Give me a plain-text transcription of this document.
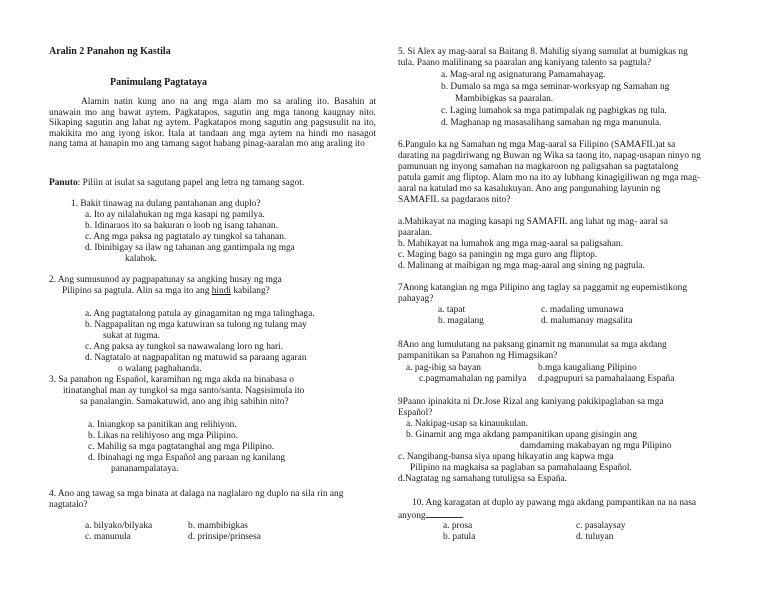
Aralin 2 Panahon ng Kastila

Panimulang Pagtataya

Alamin natin kung ano na ang mga alam mo sa araling ito. Basahin at unawain mo ang bawat aytem. Pagkatapos, sagutin ang mga tanong kaugnay nito. Sikaping sagutin ang lahat ng aytem. Pagkatapos mong sagutin ang pagsusulit na ito, makikita mo ang iyong iskor. Itala at tandaan ang mga aytem na hindi mo nasagot nang tama at hanapin mo ang tamang sagot habang pinag-aaralan mo ang araling ito

Panuto: Piliin at isulat sa sagutang papel ang letra ng tamang sagot.

1. Bakit tinawag na dulang pantahanan ang duplo?

a. Ito ay nilalahukan ng mga kasapi ng pamilya.

b. Idinaraos ito sa bakuran o loob ng isang tahanan.

c. Ang mga paksa ng pagtatalo ay tungkol sa tahanan.

d. Ibinibigay sa ilaw ng tahanan ang gantimpala ng mga

kalahok.

2. Ang sumusunod ay pagpapatunay sa angking husay ng mga

Pilipino sa pagtula. Alin sa mga ito ang hindi kabilang?

a. Ang pagtatalong patula ay ginagamitan ng mga talinghaga.

b. Nagpapalitan ng mga katuwiran sa tulong ng tulang may

sukat at tugma.

c. Ang paksa ay tungkol sa nawawalang loro ng hari.

d. Nagtatalo at nagpapalitan ng matuwid sa paraang agaran

o walang paghahanda.

3. Sa panahon ng Español, karamihan ng mga akda na binabasa o

itinatanghal man ay tungkol sa mga santo/santa. Nagsisimula ito

sa panalangin. Samakatuwid, ano ang ibig sabihin nito?

a. Iniangkop sa panitikan ang relihiyon.

b. Likas na relihiyoso ang mga Pilipino.

c. Mahilig sa mga pagtatanghal ang mga Pilipino.

d. Ibinahagi ng mga Español ang paraan ng kanilang

pananampalataya.

4. Ano ang tawag sa mga binata at dalaga na naglalaro ng duplo na sila rin ang

nagtatalo?

a. bilyako/bilyaka	b. mambibigkas

c. manunula	d. prinsipe/prinsesa

5. Si Alex ay mag-aaral sa Baitang 8. Mahilig siyang sumulat at bumigkas ng

tula. Paano malilinang sa paaralan ang kaniyang talento sa pagtula?

a. Mag-aral ng asignaturang Pamamahayag.

b. Dumalo sa mga sa mga seminar-worksyap ng Samahan ng

Mambibigkas sa paaralan.

c. Laging lumahok sa mga patimpalak ng pagbigkas ng tula.

d. Maghanap ng masasalihang samahan ng mga manunula.

6.Pangulo ka ng Samahan ng mga Mag-aaral sa Filipino (SAMAFIL)at sa

darating na pagdiriwang ng Buwan ng Wika sa taong ito, napag-usapan ninyo ng

pamunuan ng inyong samahan na magkaroon ng paligsahan sa pagtatalong

patula gamit ang fliptop. Alam mo na ito ay lubhang kinagigiliwan ng mga mag-

aaral na katulad mo sa kasalukuyan. Ano ang pangunahing layunin ng

SAMAFIL sa pagdaraos nito?

a.Mahikayat na maging kasapi ng SAMAFIL ang lahat ng mag- aaral sa

paaralan.

b. Mahikayat na lumahok ang mga mag-aaral sa paligsahan.

c. Maging bago sa paningin ng mga guro ang fliptop.

d. Malinang at maibigan ng mga mag-aaral ang sining ng pagtula.

7Anong katangian ng mga Pilipino ang taglay sa paggamit ng eupemistikong

pahayag?

a. tapat	c. madaling umunawa

b. magalang	d. malumanay magsalita

8Ano ang lumulutang na paksang ginamit ng manunulat sa mga akdang

pampanitikan sa Panahon ng Himagsikan?

a. pag-ibig sa bayan	b.mga kaugaliang Pilipino

c.pagmamahalan ng pamilya d.pagpupuri sa pamahalaang España

9Paano ipinakita ni Dr.Jose Rizal ang kaniyang pakikipaglaban sa mga

Español?

a. Nakipag-usap sa kinauukulan.

b. Ginamit ang mga akdang pampanitikan upang gisingin ang

damdaming makabayan ng mga Pilipino

c. Nangibang-bansa siya upang hikayatin ang kapwa mga

Pilipino na magkaisa sa paglaban sa pamahalaang Español.

d.Nagtatag ng samahang tutuligsa sa España.

10. Ang karagatan at duplo ay pawang mga akdang pampantikan na na nasa

anyong	.

a. prosa	c. pasalaysay

b. patula	d. tuluyan
